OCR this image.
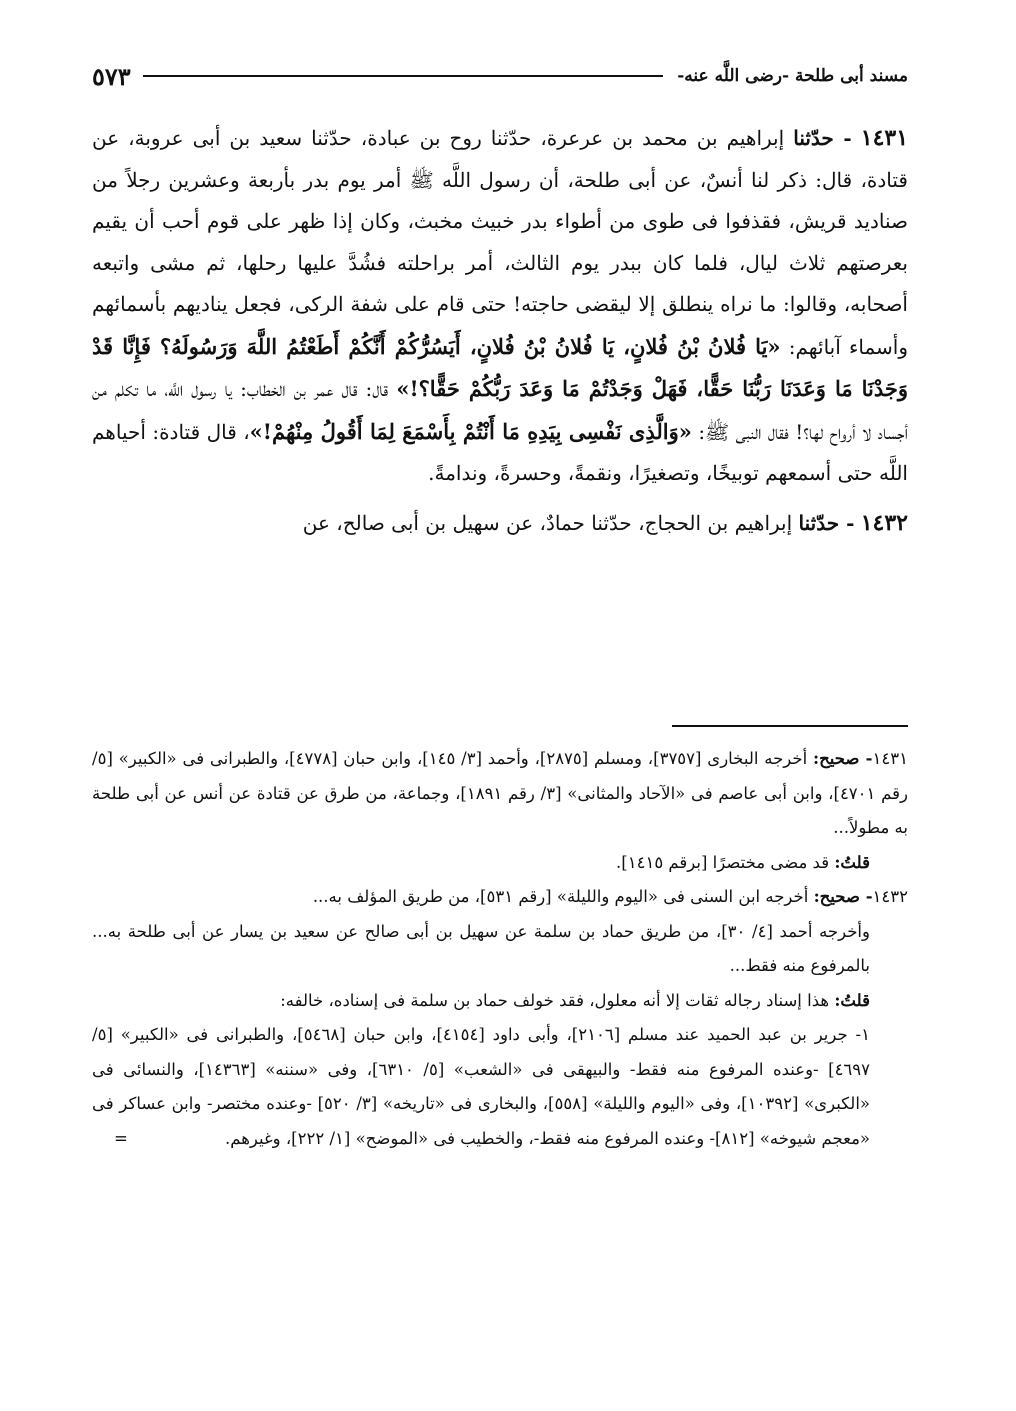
مسند أبى طلحة -رضى اللَّه عنه-
٥٧٣

١٤٣١ - حدّثنا إبراهيم بن محمد بن عرعرة، حدّثنا روح بن عبادة، حدّثنا سعيد بن أبى عروبة، عن قتادة، قال: ذكر لنا أنسٌ، عن أبى طلحة، أن رسول اللَّه ﷺ أمر يوم بدر بأربعة وعشرين رجلاً من صناديد قريش، فقذفوا فى طوى من أطواء بدر خبيث مخبث، وكان إذا ظهر على قوم أحب أن يقيم بعرصتهم ثلاث ليال، فلما كان ببدر يوم الثالث، أمر براحلته فشُدَّ عليها رحلها، ثم مشى واتبعه أصحابه، وقالوا: ما نراه ينطلق إلا ليقضى حاجته! حتى قام على شفة الركى، فجعل يناديهم بأسمائهم وأسماء آبائهم: «يَا فُلانُ بْنُ فُلانٍ، يَا فُلانُ بْنُ فُلانٍ، أَيَسُرُّكُمْ أَنَّكُمْ أَطَعْتُمُ اللَّهَ وَرَسُولَهُ؟ فَإِنَّا قَدْ وَجَدْنَا مَا وَعَدَنَا رَبُّنَا حَقًّا، فَهَلْ وَجَدْتُمْ مَا وَعَدَ رَبُّكُمْ حَقًّا؟!» قال: قال عمر بن الخطاب: يا رسول اللَّه، ما تكلم من أجساد لا أرواح لها؟! فقال النبى ﷺ: «وَالَّذِى نَفْسِى بِيَدِهِ مَا أَنْتُمْ بِأَسْمَعَ لِمَا أَقُولُ مِنْهُمْ!»، قال قتادة: أحياهم اللَّه حتى أسمعهم توبيخًا، وتصغيرًا، ونقمةً، وحسرةً، وندامةً.

١٤٣٢ - حدّثنا إبراهيم بن الحجاج، حدّثنا حمادٌ، عن سهيل بن أبى صالح، عن

١٤٣١- صحيح: أخرجه البخارى [٣٧٥٧]، ومسلم [٢٨٧٥]، وأحمد [٣/ ١٤٥]، وابن حبان [٤٧٧٨]، والطبرانى فى «الكبير» [٥/ رقم ٤٧٠١]، وابن أبى عاصم فى «الآحاد والمثانى» [٣/ رقم ١٨٩١]، وجماعة، من طرق عن قتادة عن أنس عن أبى طلحة به مطولاً...
قلتُ: قد مضى مختصرًا [برقم ١٤١٥].
١٤٣٢- صحيح: أخرجه ابن السنى فى «اليوم والليلة» [رقم ٥٣١]، من طريق المؤلف به...
وأخرجه أحمد [٤/ ٣٠]، من طريق حماد بن سلمة عن سهيل بن أبى صالح عن سعيد بن يسار عن أبى طلحة به... بالمرفوع منه فقط...
قلتُ: هذا إسناد رجاله ثقات إلا أنه معلول، فقد خولف حماد بن سلمة فى إسناده، خالفه:
١- جرير بن عبد الحميد عند مسلم [٢١٠٦]، وأبى داود [٤١٥٤]، وابن حبان [٥٤٦٨]، والطبرانى فى «الكبير» [٥/ ٤٦٩٧] -وعنده المرفوع منه فقط- والبيهقى فى «الشعب» [٥/ ٦٣١٠]، وفى «سننه» [١٤٣٦٣]، والنسائى فى «الكبرى» [١٠٣٩٢]، وفى «اليوم والليلة» [٥٥٨]، والبخارى فى «تاريخه» [٣/ ٥٢٠] -وعنده مختصر- وابن عساكر فى «معجم شيوخه» [٨١٢]- وعنده المرفوع منه فقط-، والخطيب فى «الموضح» [١/ ٢٢٢]، وغيرهم.
=
